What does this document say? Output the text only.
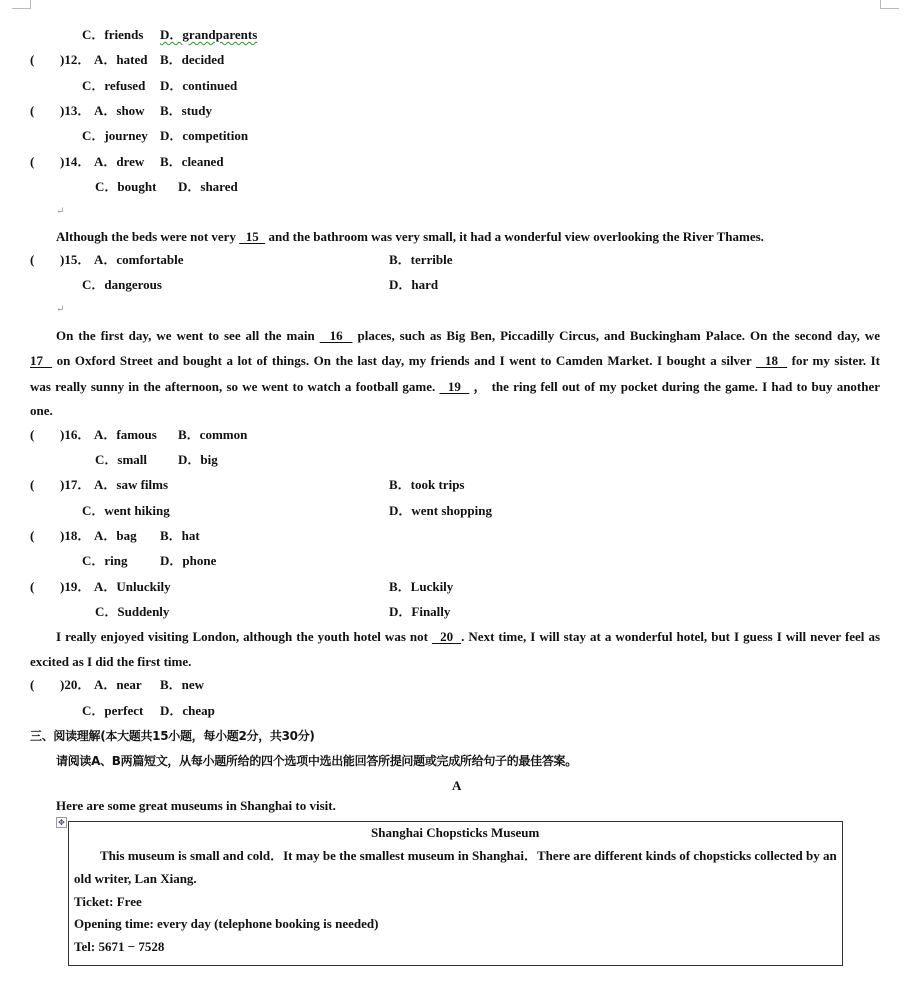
C．friends D．grandparents
( )12． A．hated B．decided
C．refused D．continued
( )13． A．show B．study
C．journey D．competition
( )14． A．drew B．cleaned
C．bought D．shared
↵
Although the beds were not very   15   and the bathroom was very small, it had a wonderful view overlooking the River Thames.
( )15． A．comfortable	B．terrible
C．dangerous	D．hard
↵
On the first day, we went to see all the main   16   places, such as Big Ben, Piccadilly Circus, and Buckingham Palace. On the second day, we
17   on Oxford Street and bought a lot of things. On the last day, my friends and I went to Camden Market. I bought a silver   18   for my sister. It
was really sunny in the afternoon, so we went to watch a football game.   19   ， the ring fell out of my pocket during the game. I had to buy another
one.
( )16． A．famous B．common
C．small D．big
( )17． A．saw films	B．took trips
C．went hiking	D．went shopping
( )18． A．bag B．hat
C．ring D．phone
( )19． A．Unluckily	B．Luckily
C．Suddenly	D．Finally
I really enjoyed visiting London, although the youth hotel was not   20  . Next time, I will stay at a wonderful hotel, but I guess I will never feel as
excited as I did the first time.
( )20． A．near B．new
C．perfect D．cheap
三、阅读理解(本大题共15小题，每小题2分，共30分)
请阅读A、B两篇短文，从每小题所给的四个选项中选出能回答所提问题或完成所给句子的最佳答案。
A
Here are some great museums in Shanghai to visit.
✥
Shanghai Chopsticks Museum
This museum is small and cold．It may be the smallest museum in Shanghai．There are different kinds of chopsticks collected by an
old writer, Lan Xiang.
Ticket: Free
Opening time: every day (telephone booking is needed)
Tel: 5671 − 7528
